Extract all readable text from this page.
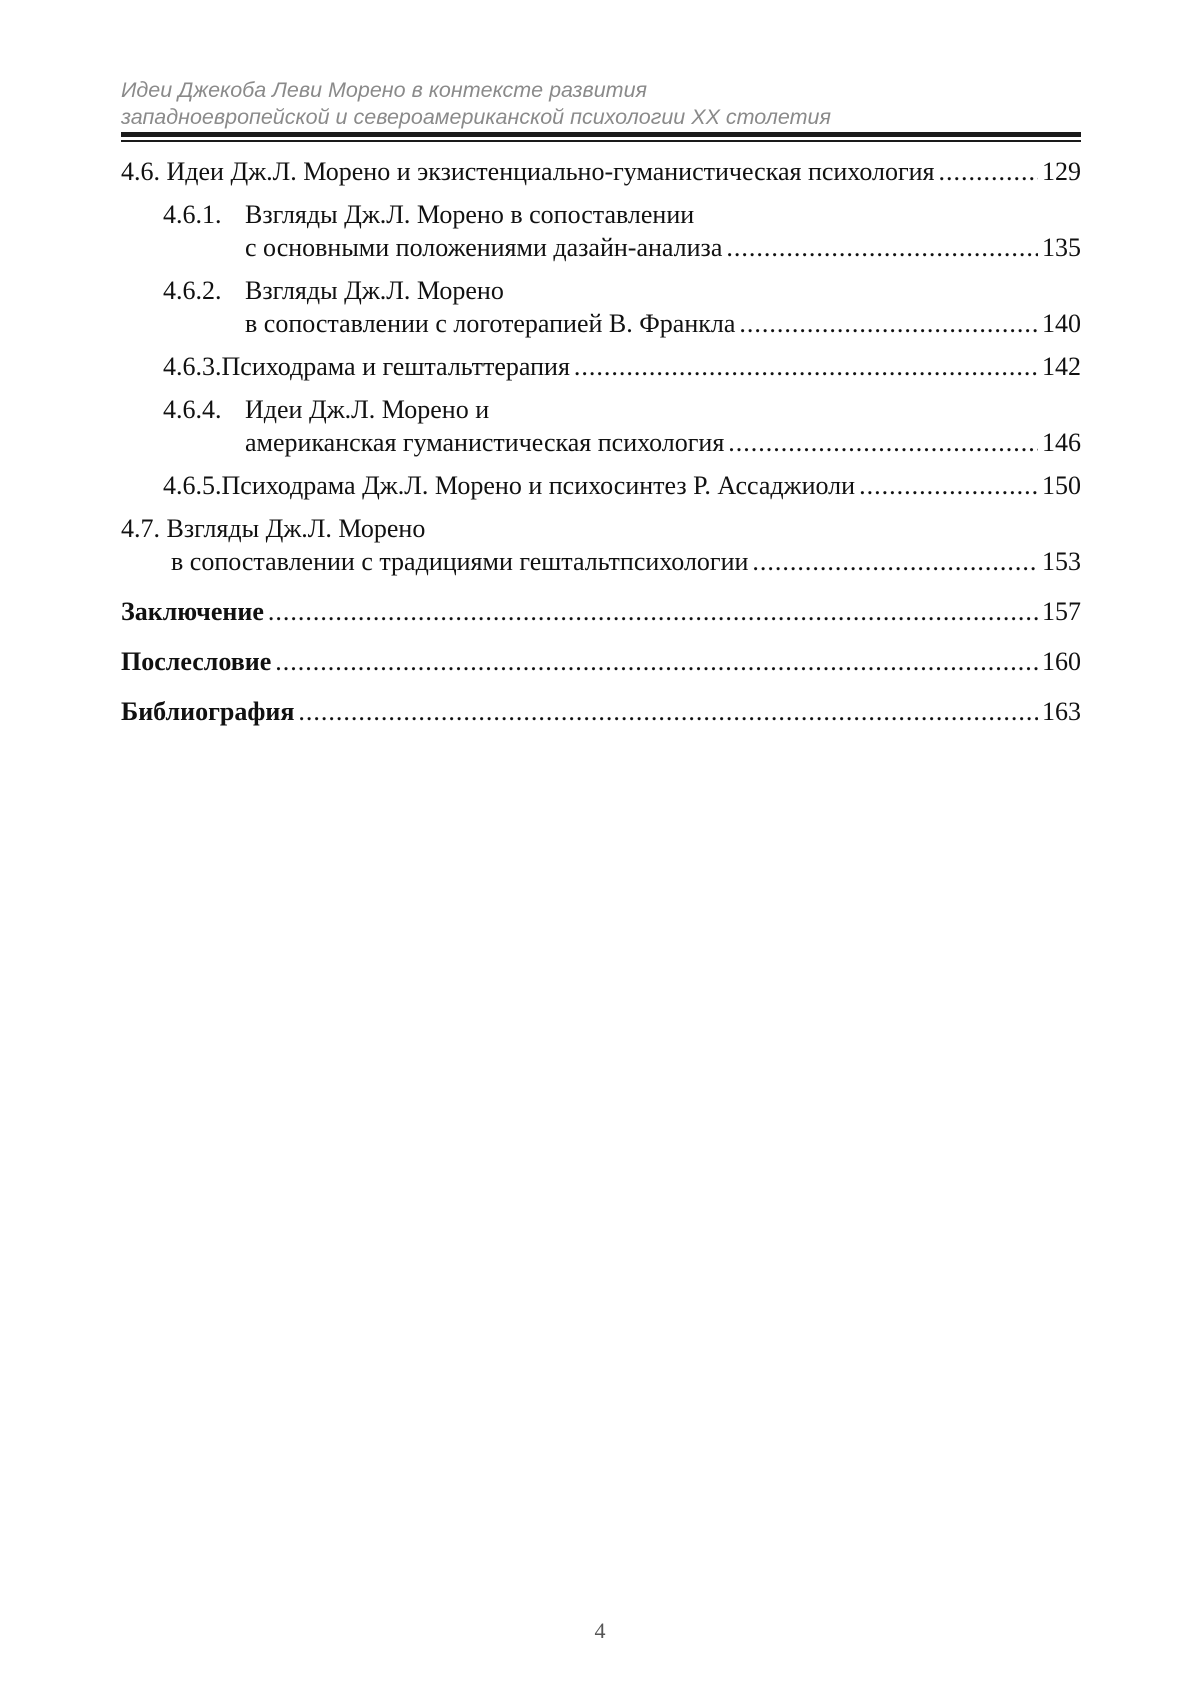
Идеи Джекоба Леви Морено в контексте развития
западноевропейской и североамериканской психологии XX столетия
4.6.
Идеи Дж.Л. Морено и экзистенциально-гуманистическая психология .....	129
4.6.1. Взгляды Дж.Л. Морено в сопоставлении
с основными положениями дазайн-анализа .....	135
4.6.2. Взгляды Дж.Л. Морено
в сопоставлении с логотерапией В. Франкла .....	140
4.6.3. Психодрама и гештальттерапия .....	142
4.6.4. Идеи Дж.Л. Морено и
американская гуманистическая психология .....	146
4.6.5. Психодрама Дж.Л. Морено и психосинтез Р. Ассаджиоли .....	150
4.7.
Взгляды Дж.Л. Морено
в сопоставлении с традициями гештальтпсихологии .....	153
Заключение .....	157
Послесловие .....	160
Библиография .....	163
4
